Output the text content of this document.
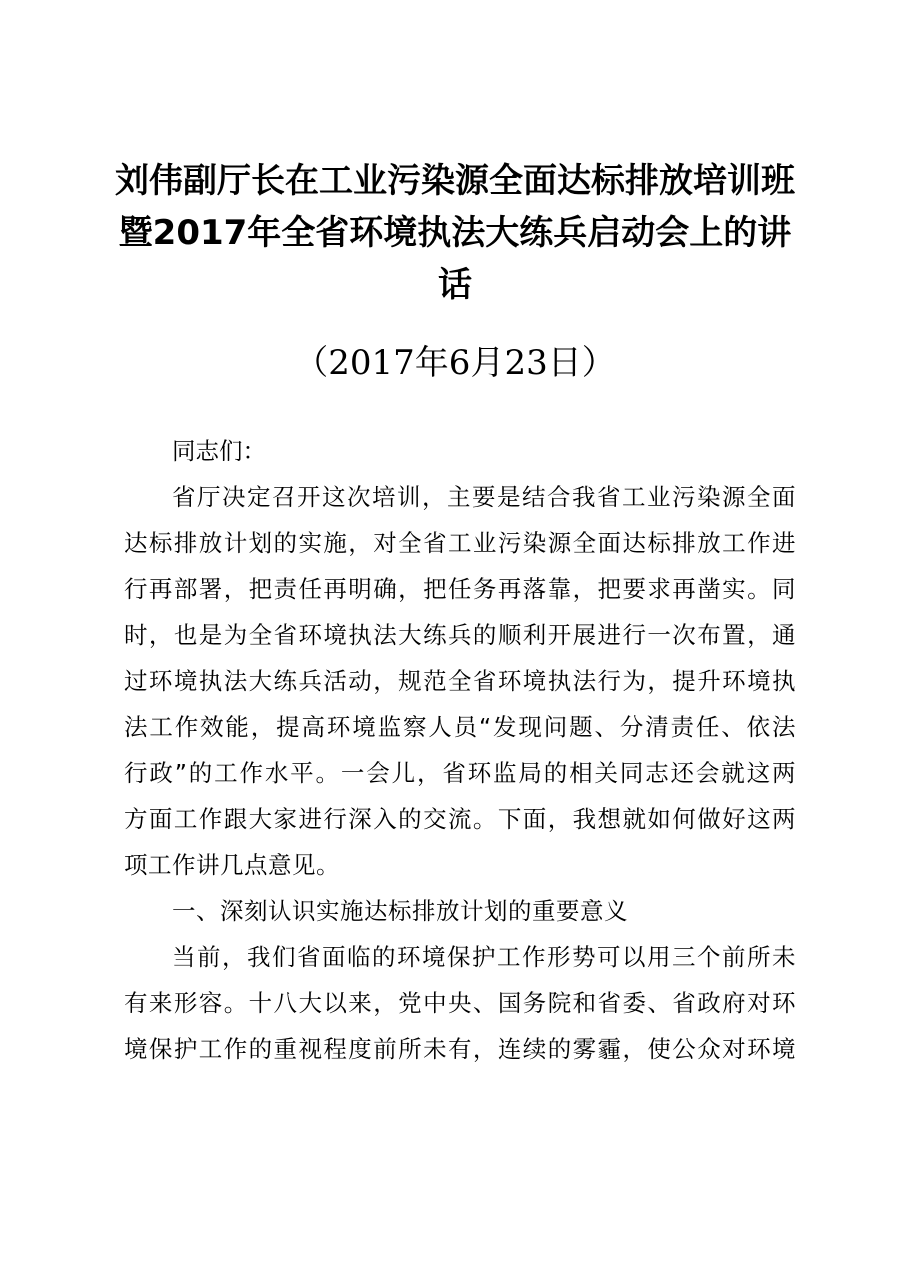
刘伟副厅长在工业污染源全面达标排放培训班
暨2017年全省环境执法大练兵启动会上的讲
话
（2017年6月23日）
同志们：
省厅决定召开这次培训，主要是结合我省工业污染源全面
达标排放计划的实施，对全省工业污染源全面达标排放工作进
行再部署，把责任再明确，把任务再落靠，把要求再凿实。同
时，也是为全省环境执法大练兵的顺利开展进行一次布置，通
过环境执法大练兵活动，规范全省环境执法行为，提升环境执
法工作效能，提高环境监察人员“发现问题、分清责任、依法
行政”的工作水平。一会儿，省环监局的相关同志还会就这两
方面工作跟大家进行深入的交流。下面，我想就如何做好这两
项工作讲几点意见。
一、深刻认识实施达标排放计划的重要意义
当前，我们省面临的环境保护工作形势可以用三个前所未
有来形容。十八大以来，党中央、国务院和省委、省政府对环
境保护工作的重视程度前所未有，连续的雾霾，使公众对环境
